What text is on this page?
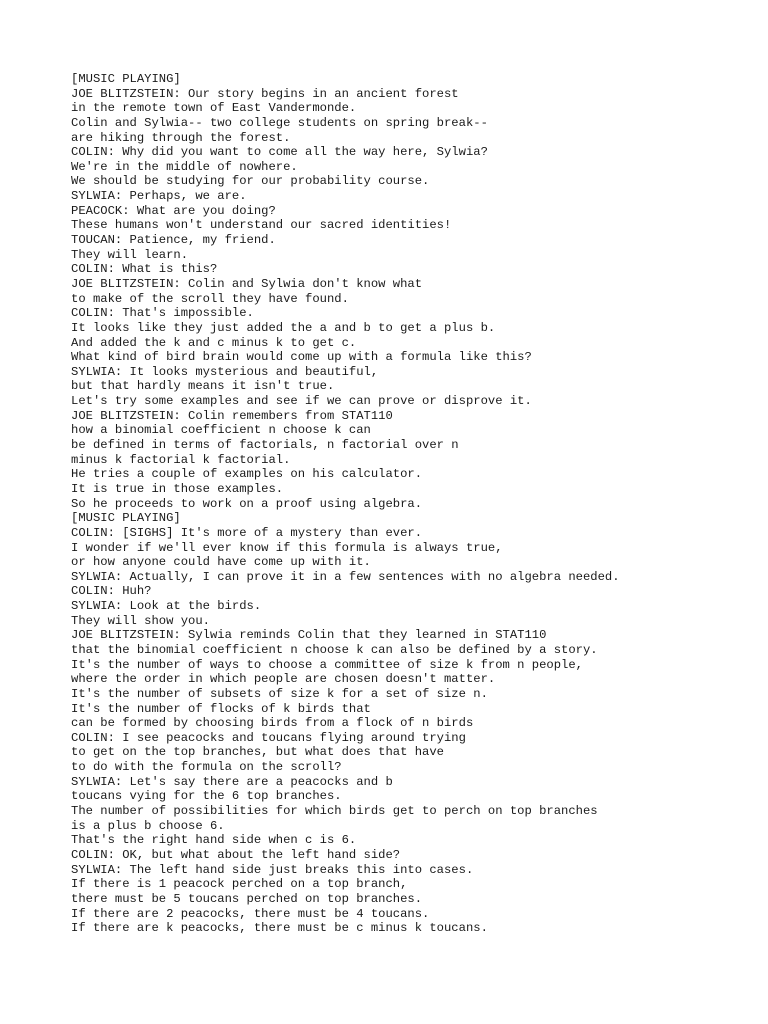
[MUSIC PLAYING]
JOE BLITZSTEIN: Our story begins in an ancient forest
in the remote town of East Vandermonde.
Colin and Sylwia-- two college students on spring break--
are hiking through the forest.
COLIN: Why did you want to come all the way here, Sylwia?
We're in the middle of nowhere.
We should be studying for our probability course.
SYLWIA: Perhaps, we are.
PEACOCK: What are you doing?
These humans won't understand our sacred identities!
TOUCAN: Patience, my friend.
They will learn.
COLIN: What is this?
JOE BLITZSTEIN: Colin and Sylwia don't know what
to make of the scroll they have found.
COLIN: That's impossible.
It looks like they just added the a and b to get a plus b.
And added the k and c minus k to get c.
What kind of bird brain would come up with a formula like this?
SYLWIA: It looks mysterious and beautiful,
but that hardly means it isn't true.
Let's try some examples and see if we can prove or disprove it.
JOE BLITZSTEIN: Colin remembers from STAT110
how a binomial coefficient n choose k can
be defined in terms of factorials, n factorial over n
minus k factorial k factorial.
He tries a couple of examples on his calculator.
It is true in those examples.
So he proceeds to work on a proof using algebra.
[MUSIC PLAYING]
COLIN: [SIGHS] It's more of a mystery than ever.
I wonder if we'll ever know if this formula is always true,
or how anyone could have come up with it.
SYLWIA: Actually, I can prove it in a few sentences with no algebra needed.
COLIN: Huh?
SYLWIA: Look at the birds.
They will show you.
JOE BLITZSTEIN: Sylwia reminds Colin that they learned in STAT110
that the binomial coefficient n choose k can also be defined by a story.
It's the number of ways to choose a committee of size k from n people,
where the order in which people are chosen doesn't matter.
It's the number of subsets of size k for a set of size n.
It's the number of flocks of k birds that
can be formed by choosing birds from a flock of n birds
COLIN: I see peacocks and toucans flying around trying
to get on the top branches, but what does that have
to do with the formula on the scroll?
SYLWIA: Let's say there are a peacocks and b
toucans vying for the 6 top branches.
The number of possibilities for which birds get to perch on top branches
is a plus b choose 6.
That's the right hand side when c is 6.
COLIN: OK, but what about the left hand side?
SYLWIA: The left hand side just breaks this into cases.
If there is 1 peacock perched on a top branch,
there must be 5 toucans perched on top branches.
If there are 2 peacocks, there must be 4 toucans.
If there are k peacocks, there must be c minus k toucans.
